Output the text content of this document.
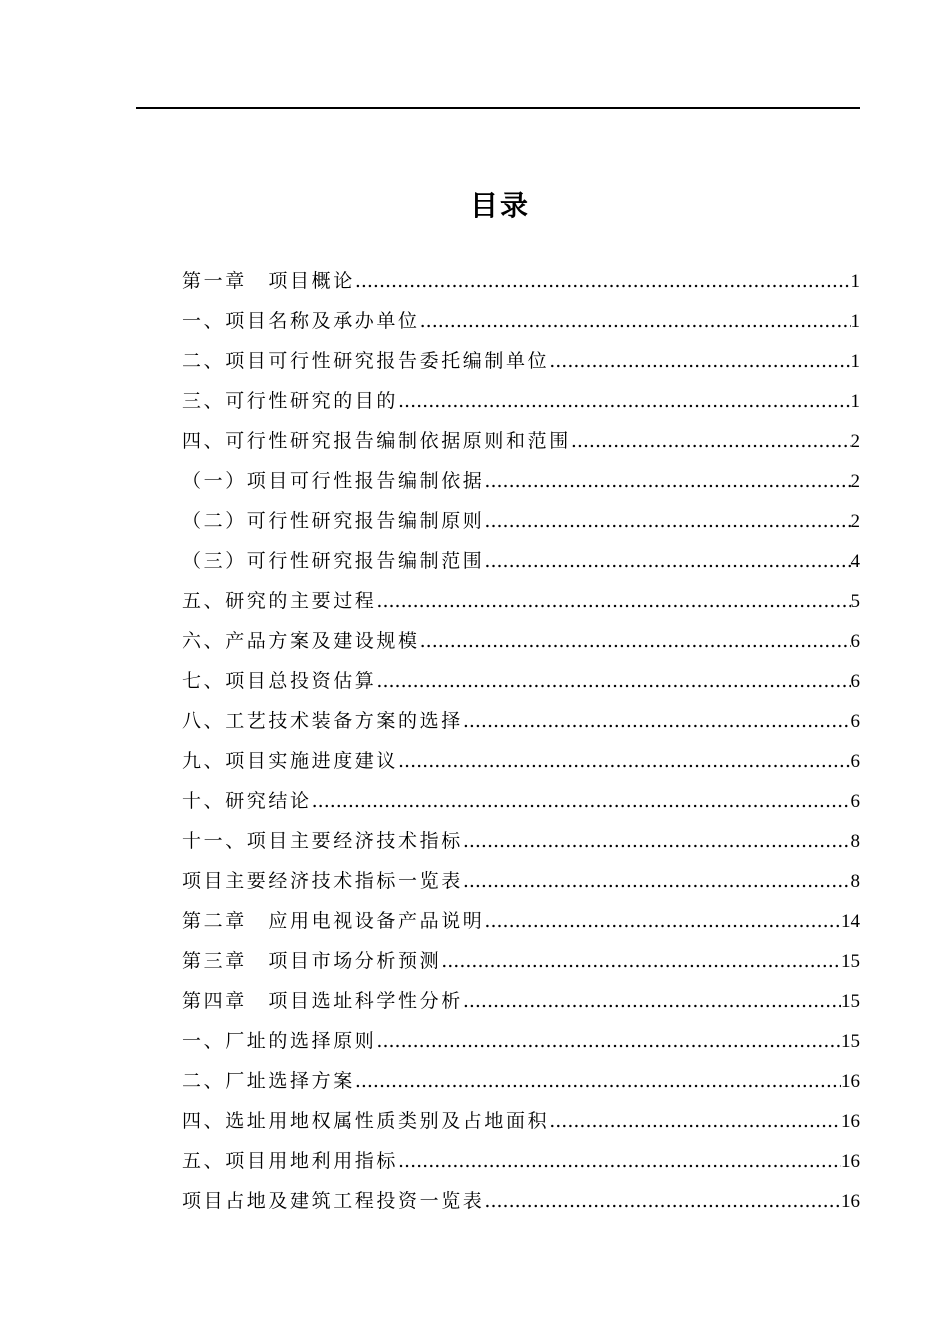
目录
第一章　项目概论 .....	1
一、项目名称及承办单位 .....	1
二、项目可行性研究报告委托编制单位 .....	1
三、可行性研究的目的 .....	1
四、可行性研究报告编制依据原则和范围 .....	2
（一）项目可行性报告编制依据 .....	2
（二）可行性研究报告编制原则 .....	2
（三）可行性研究报告编制范围 .....	4
五、研究的主要过程 .....	5
六、产品方案及建设规模 .....	6
七、项目总投资估算 .....	6
八、工艺技术装备方案的选择 .....	6
九、项目实施进度建议 .....	6
十、研究结论 .....	6
十一、项目主要经济技术指标 .....	8
项目主要经济技术指标一览表 .....	8
第二章　应用电视设备产品说明 .....	14
第三章　项目市场分析预测 .....	15
第四章　项目选址科学性分析 .....	15
一、厂址的选择原则 .....	15
二、厂址选择方案 .....	16
四、选址用地权属性质类别及占地面积 .....	16
五、项目用地利用指标 .....	16
项目占地及建筑工程投资一览表 .....	16
